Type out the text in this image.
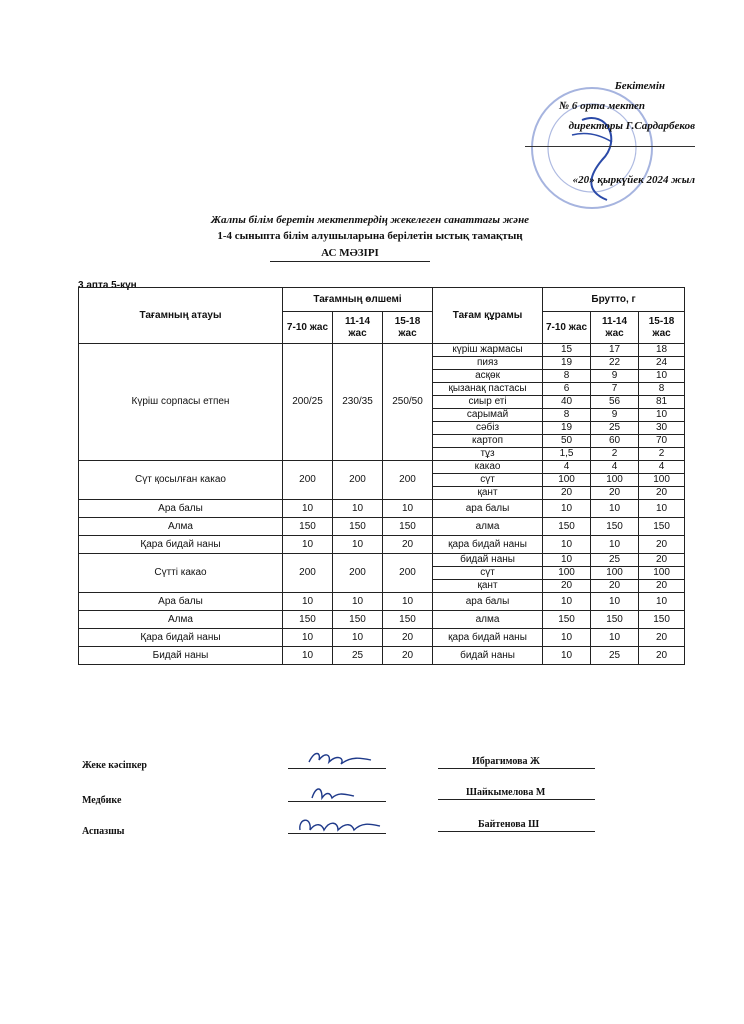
Бекітемін
№ 6 орта мектеп
директоры Г.Сардарбеков
«20» қыркүйек 2024 жыл
Жалпы білім беретін мектептердің жекелеген санаттағы және
1-4 сыныпта білім алушыларына берілетін ыстық тамақтың
АС МӘЗІРІ
3 апта 5-күн
Тағамның атауы	Тағамның өлшемі			Тағам құрамы	Брутто, г		
	7-10 жас	11-14 жас	15-18 жас		7-10 жас	11-14 жас	15-18 жас
Күріш сорпасы етпен	200/25	230/35	250/50	күріш жармасы	15	17	18
				пияз	19	22	24
				асқөк	8	9	10
				қызанақ пастасы	6	7	8
				сиыр еті	40	56	81
				сарымай	8	9	10
				сәбіз	19	25	30
				картоп	50	60	70
				тұз	1,5	2	2
Сүт қосылған какао	200	200	200	какао	4	4	4
				сүт	100	100	100
				қант	20	20	20
Ара балы	10	10	10	ара балы	10	10	10
Алма	150	150	150	алма	150	150	150
Қара бидай наны	10	10	20	қара бидай наны	10	10	20
Сүтті какао	200	200	200	бидай наны	10	25	20
				сүт	100	100	100
				қант	20	20	20
Ара балы	10	10	10	ара балы	10	10	10
Алма	150	150	150	алма	150	150	150
Қара бидай наны	10	10	20	қара бидай наны	10	10	20
Бидай наны	10	25	20	бидай наны	10	25	20
Жеке кәсіпкер
Медбике
Аспазшы
Ибрагимова Ж
Шайкымелова М
Байтенова Ш
